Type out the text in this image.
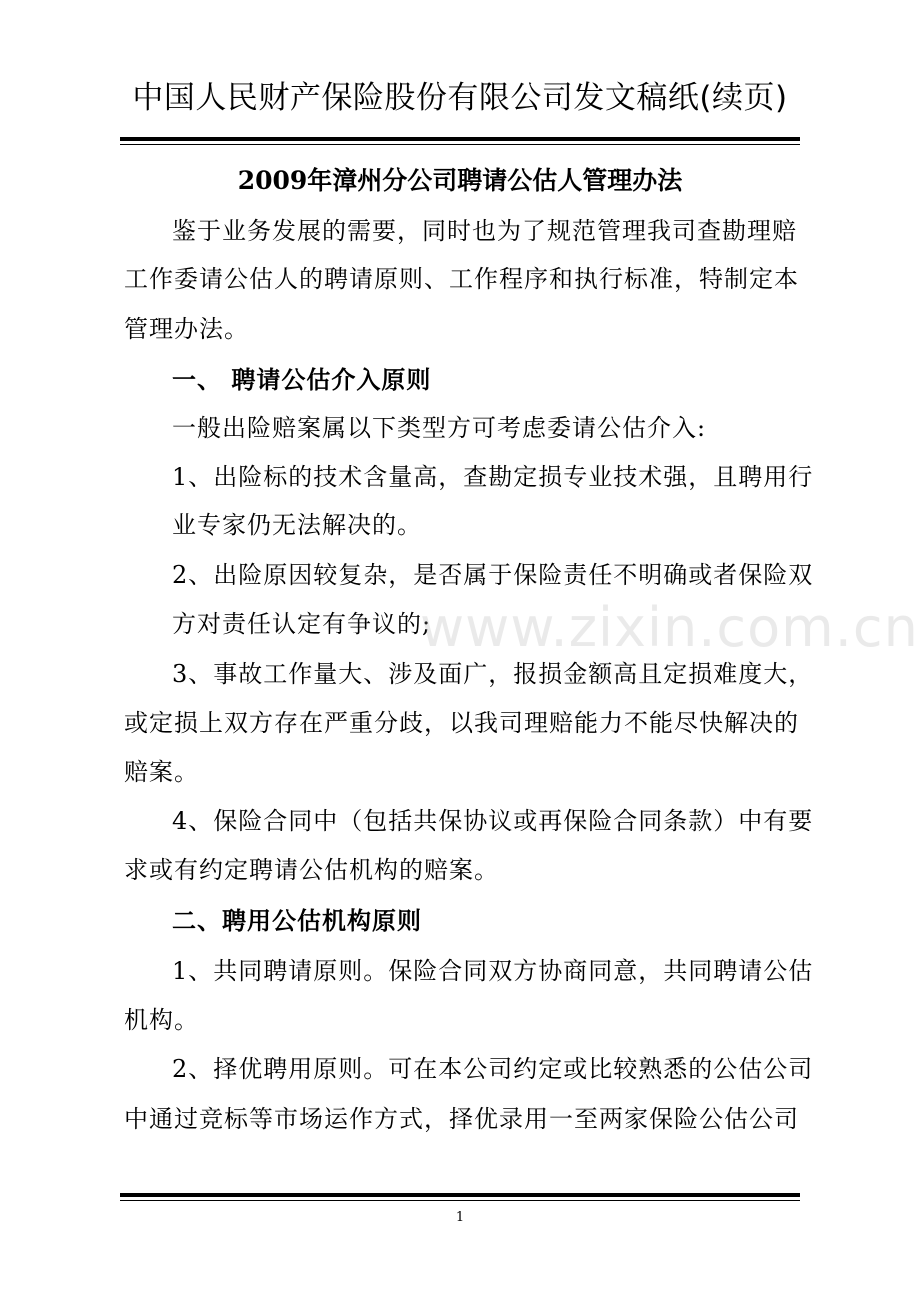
中国人民财产保险股份有限公司发文稿纸(续页)
2009年漳州分公司聘请公估人管理办法
鉴于业务发展的需要，同时也为了规范管理我司查勘理赔
工作委请公估人的聘请原则、工作程序和执行标准，特制定本
管理办法。
一、 聘请公估介入原则
一般出险赔案属以下类型方可考虑委请公估介入:
1、出险标的技术含量高，查勘定损专业技术强，且聘用行
业专家仍无法解决的。
2、出险原因较复杂，是否属于保险责任不明确或者保险双
方对责任认定有争议的;
3、事故工作量大、涉及面广，报损金额高且定损难度大，
或定损上双方存在严重分歧，以我司理赔能力不能尽快解决的
赔案。
4、保险合同中（包括共保协议或再保险合同条款）中有要
求或有约定聘请公估机构的赔案。
二、聘用公估机构原则
1、共同聘请原则。保险合同双方协商同意，共同聘请公估
机构。
2、择优聘用原则。可在本公司约定或比较熟悉的公估公司
中通过竞标等市场运作方式，择优录用一至两家保险公估公司
www.zixin.com.cn
1
